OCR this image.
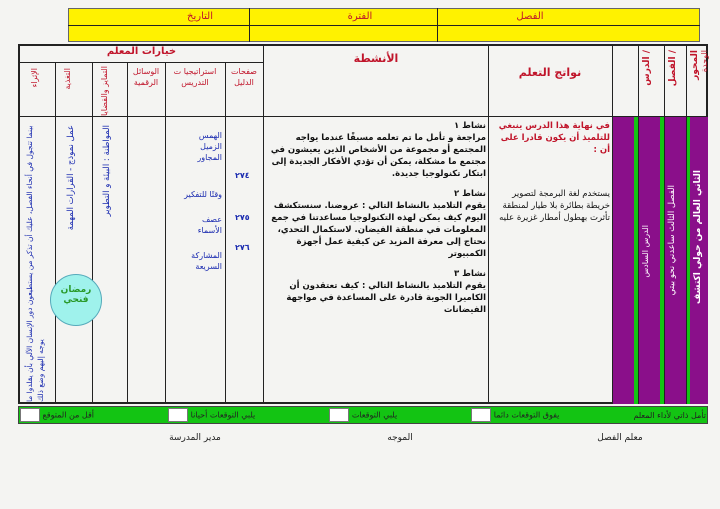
الفصل
الفترة
التاريخ
المحور الوحدة
الفصل /
الدرس /
الثاني العالم من حولي اكتشف
الفصل الثالث ساعدني نحو بيتي
الدرس السادس
نواتج التعلم
في نهاية هذا الدرس ينبغي للتلميذ أن يكون قادرا على أن :
يستخدم لغة البرمجة لتصوير خريطة بطائرة بلا طيار لمنطقة تأثرت بهطول أمطار غزيرة عليه
الأنشطة
نشاط ١
مراجعة و تأمل ما تم تعلمه مسبقًا عندما يواجه المجتمع أو مجموعة من الأشخاص الذين يعيشون في مجتمع ما مشكلة، يمكن أن تؤدي الأفكار الجديدة إلى ابتكار تكنولوجيا جديدة.
نشاط ٢
يقوم التلاميذ بالنشاط التالي : عروضنا. سنستكشف اليوم كيف يمكن لهذه التكنولوجيا مساعدتنا في جمع المعلومات في منطقة الفيضان. لاستكمال التحدي، نحتاج إلى معرفة المزيد عن كيفية عمل أجهزة الكمبيوتر
نشاط ٣
يقوم التلاميذ بالنشاط التالي : كيف تعتقدون أن الكاميرا الجوية قادرة على المساعدة في مواجهة الفيضانات
خيارات المعلم
صفحات الدليل
استراتيجيا ت التدريس
الوسائل الرقمية
التمايز والقضايا
التغذية
الإثراء
٢٧٤
٢٧٥
٢٧٦
الهمس
الزميل
المجاور
وقتًا للتفكير
عصف
الأسماء
المشاركة
السريعة
المواطنة : البيئة و التطوير
عمل نموذج - القرارات المهمة
بينما تتجول في أنحاء الفصل، عليك أن تذكر من يستطيعون دور الإنسان الآلي بأن يقلدوا ما يوجه إليهم وضع ذلك
رمضان
فنحي
تأمل ذاتي لأداء المعلم
يفوق التوقعات دائما
يلبي التوقعات
يلبي التوقعات أحيانا
أقل من المتوقع
معلم الفصل
الموجه
مدير المدرسة
